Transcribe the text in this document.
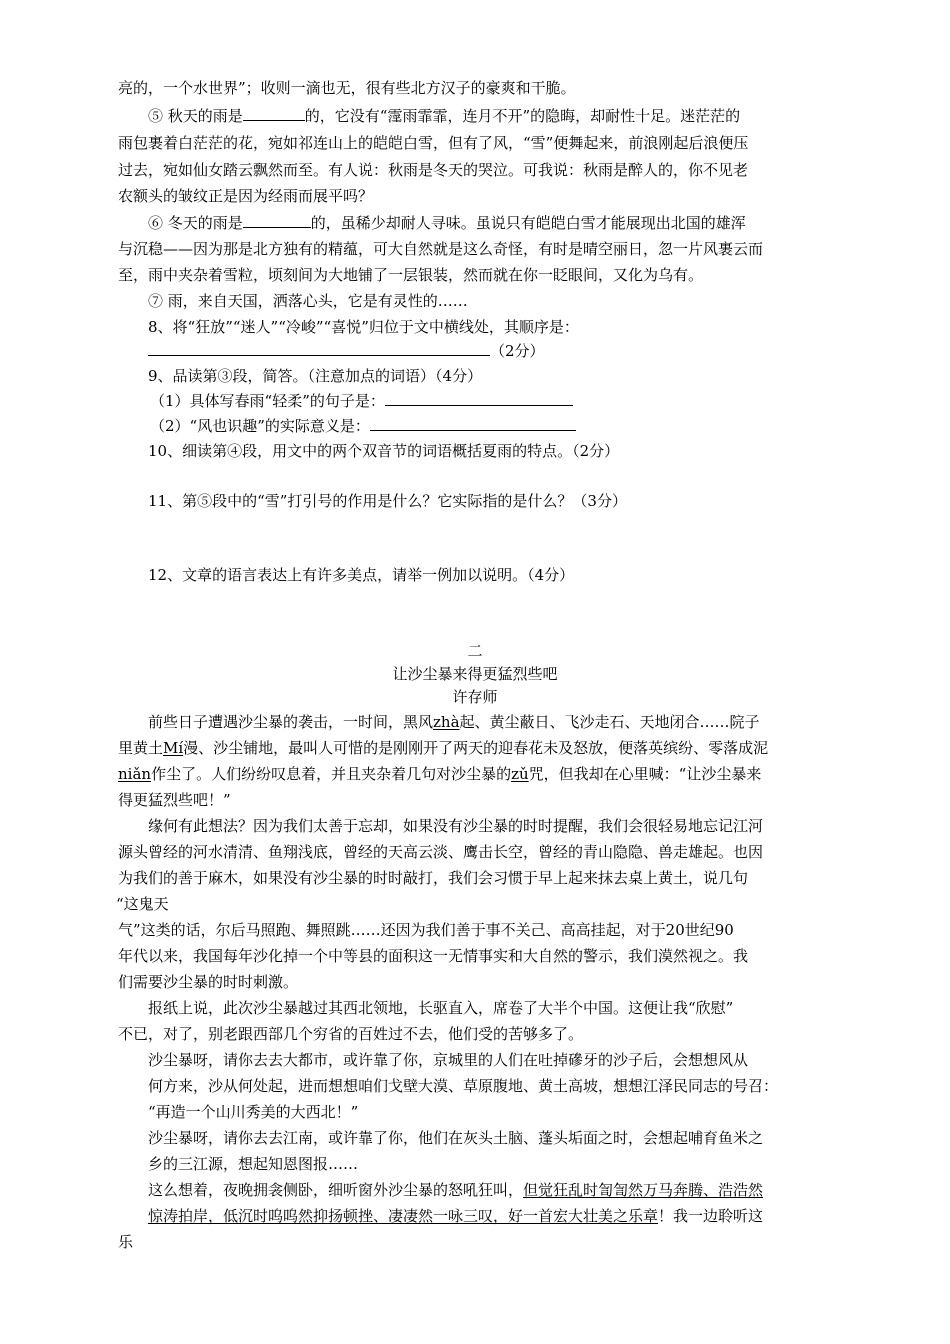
亮的，一个水世界”；收则一滴也无，很有些北方汉子的豪爽和干脆。
⑤ 秋天的雨是	的，它没有“霪雨霏霏，连月不开”的隐晦，却耐性十足。迷茫茫的
雨包裹着白茫茫的花，宛如祁连山上的皑皑白雪，但有了风，“雪”便舞起来，前浪刚起后浪便压
过去，宛如仙女踏云飘然而至。有人说：秋雨是冬天的哭泣。可我说：秋雨是醉人的，你不见老
农额头的皱纹正是因为经雨而展平吗？
⑥ 冬天的雨是	的，虽稀少却耐人寻味。虽说只有皑皑白雪才能展现出北国的雄浑
与沉稳——因为那是北方独有的精蕴，可大自然就是这么奇怪，有时是晴空丽日，忽一片风裹云而
至，雨中夹杂着雪粒，顷刻间为大地铺了一层银装，然而就在你一眨眼间，又化为乌有。
⑦ 雨，来自天国，洒落心头，它是有灵性的……
8、将“狂放”“迷人”“冷峻”“喜悦”归位于文中横线处，其顺序是：
（2分）
9、品读第③段，简答。（注意加点的词语）（4分）
（1）具体写春雨“轻柔”的句子是：
（2）“风也识趣”的实际意义是：
10、细读第④段，用文中的两个双音节的词语概括夏雨的特点。（2分）
11、第⑤段中的“雪”打引号的作用是什么？它实际指的是什么？（3分）
12、文章的语言表达上有许多美点，请举一例加以说明。（4分）
二
让沙尘暴来得更猛烈些吧
许存师
前些日子遭遇沙尘暴的袭击，一时间，黑风zhà起、黄尘蔽日、飞沙走石、天地闭合……院子
里黄土Mí漫、沙尘铺地，最叫人可惜的是刚刚开了两天的迎春花未及怒放，便落英缤纷、零落成泥
niǎn作尘了。人们纷纷叹息着，并且夹杂着几句对沙尘暴的zǔ咒，但我却在心里喊：“让沙尘暴来
得更猛烈些吧！”
缘何有此想法？因为我们太善于忘却，如果没有沙尘暴的时时提醒，我们会很轻易地忘记江河
源头曾经的河水清清、鱼翔浅底，曾经的天高云淡、鹰击长空，曾经的青山隐隐、兽走雄起。也因
为我们的善于麻木，如果没有沙尘暴的时时敲打，我们会习惯于早上起来抹去桌上黄土，说几句
“这鬼天
气”这类的话，尔后马照跑、舞照跳……还因为我们善于事不关己、高高挂起，对于20世纪90
年代以来，我国每年沙化掉一个中等县的面积这一无情事实和大自然的警示，我们漠然视之。我
们需要沙尘暴的时时刺激。
报纸上说，此次沙尘暴越过其西北领地，长驱直入，席卷了大半个中国。这便让我“欣慰”
不已，对了，别老跟西部几个穷省的百姓过不去，他们受的苦够多了。
沙尘暴呀，请你去去大都市，或许靠了你，京城里的人们在吐掉磣牙的沙子后，会想想风从
何方来，沙从何处起，进而想想咱们戈壁大漠、草原腹地、黄土高坡，想想江泽民同志的号召：
“再造一个山川秀美的大西北！”
沙尘暴呀，请你去去江南，或许靠了你，他们在灰头土脑、蓬头垢面之时，会想起哺育鱼米之
乡的三江源，想起知恩图报……
这么想着，夜晚拥衾侧卧，细听窗外沙尘暴的怒吼狂叫，但觉狂乱时訇訇然万马奔腾、浩浩然
惊涛拍岸，低沉时呜呜然抑扬顿挫、凄凄然一咏三叹，好一首宏大壮美之乐章！我一边聆听这
乐
